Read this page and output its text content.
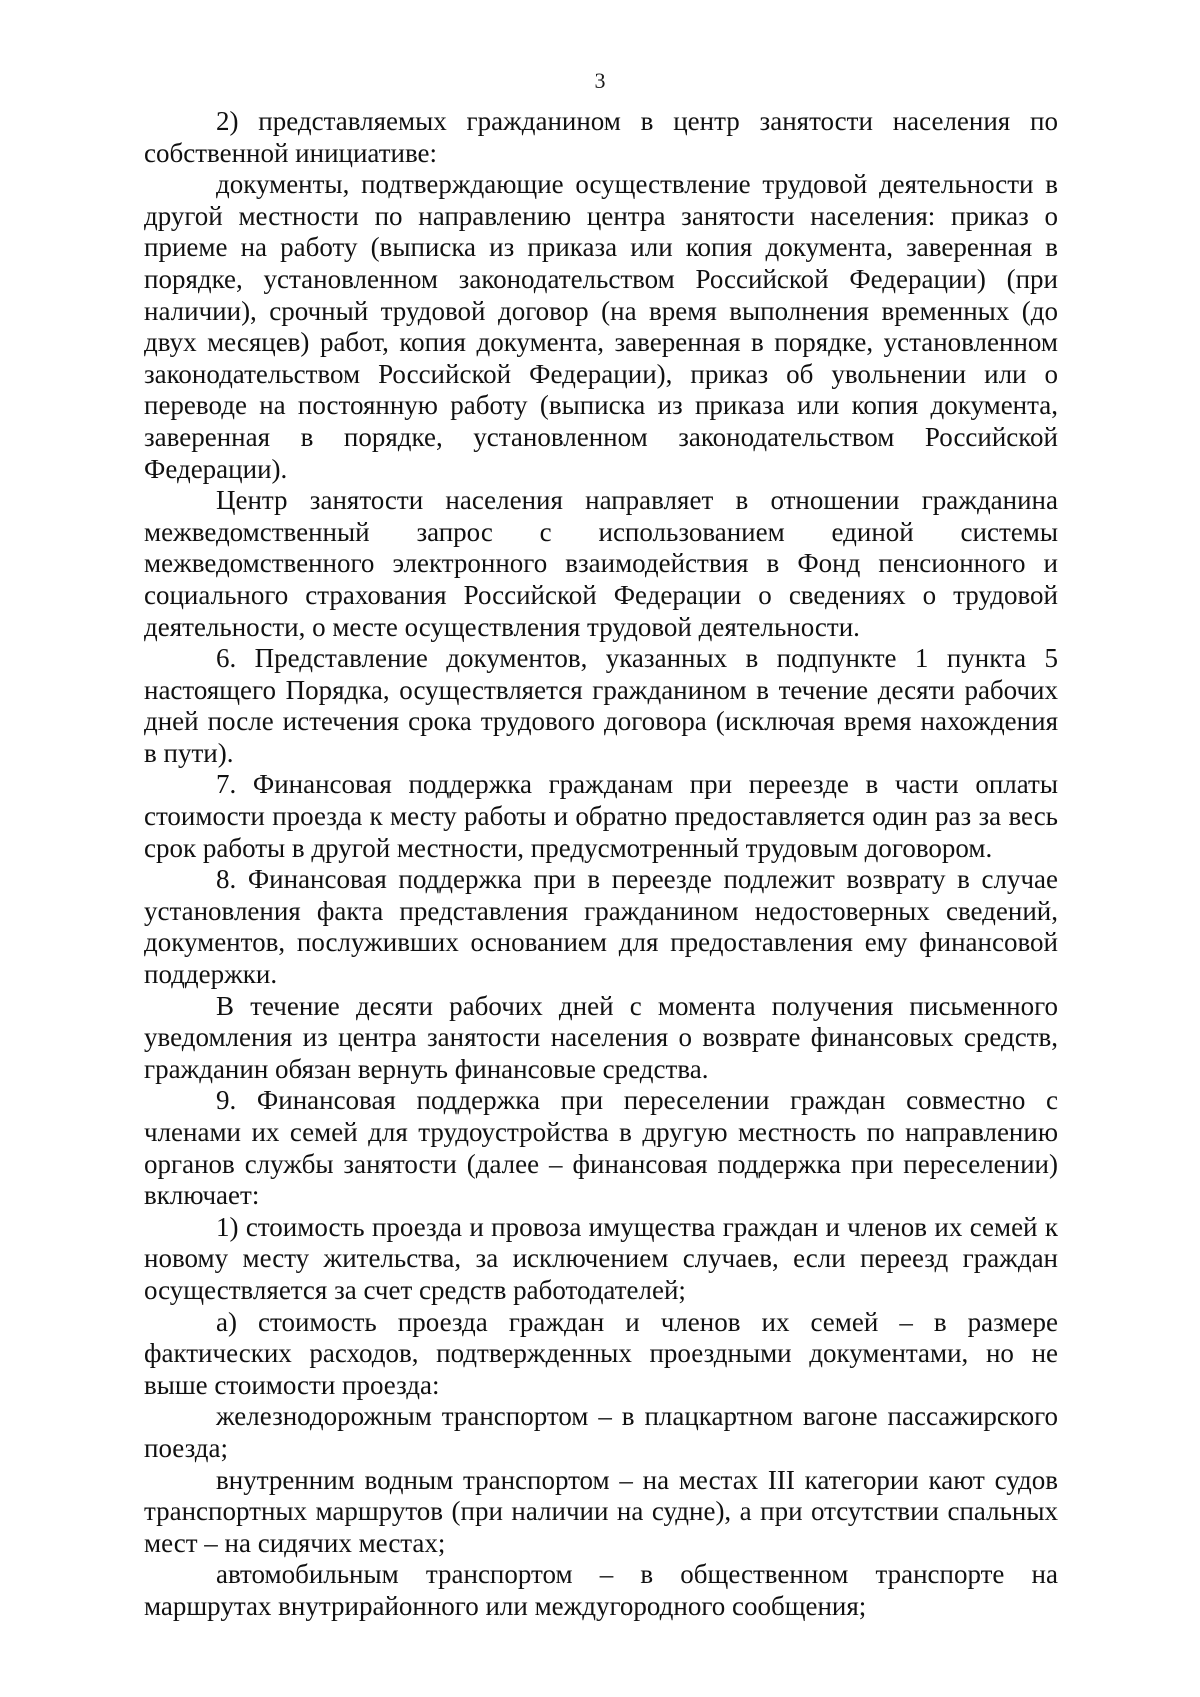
3

2) представляемых гражданином в центр занятости населения по собственной инициативе:

документы, подтверждающие осуществление трудовой деятельности в другой местности по направлению центра занятости населения: приказ о приеме на работу (выписка из приказа или копия документа, заверенная в порядке, установленном законодательством Российской Федерации) (при наличии), срочный трудовой договор (на время выполнения временных (до двух месяцев) работ, копия документа, заверенная в порядке, установленном законодательством Российской Федерации), приказ об увольнении или о переводе на постоянную работу (выписка из приказа или копия документа, заверенная в порядке, установленном законодательством Российской Федерации).

Центр занятости населения направляет в отношении гражданина межведомственный запрос с использованием единой системы межведомственного электронного взаимодействия в Фонд пенсионного и социального страхования Российской Федерации о сведениях о трудовой деятельности, о месте осуществления трудовой деятельности.

6. Представление документов, указанных в подпункте 1 пункта 5 настоящего Порядка, осуществляется гражданином в течение десяти рабочих дней после истечения срока трудового договора (исключая время нахождения в пути).

7. Финансовая поддержка гражданам при переезде в части оплаты стоимости проезда к месту работы и обратно предоставляется один раз за весь срок работы в другой местности, предусмотренный трудовым договором.

8. Финансовая поддержка при в переезде подлежит возврату в случае установления факта представления гражданином недостоверных сведений, документов, послуживших основанием для предоставления ему финансовой поддержки.

В течение десяти рабочих дней с момента получения письменного уведомления из центра занятости населения о возврате финансовых средств, гражданин обязан вернуть финансовые средства.

9. Финансовая поддержка при переселении граждан совместно с членами их семей для трудоустройства в другую местность по направлению органов службы занятости (далее – финансовая поддержка при переселении) включает:

1) стоимость проезда и провоза имущества граждан и членов их семей к новому месту жительства, за исключением случаев, если переезд граждан осуществляется за счет средств работодателей;

а) стоимость проезда граждан и членов их семей – в размере фактических расходов, подтвержденных проездными документами, но не выше стоимости проезда:

железнодорожным транспортом – в плацкартном вагоне пассажирского поезда;

внутренним водным транспортом – на местах III категории кают судов транспортных маршрутов (при наличии на судне), а при отсутствии спальных мест – на сидячих местах;

автомобильным транспортом – в общественном транспорте на маршрутах внутрирайонного или междугородного сообщения;
